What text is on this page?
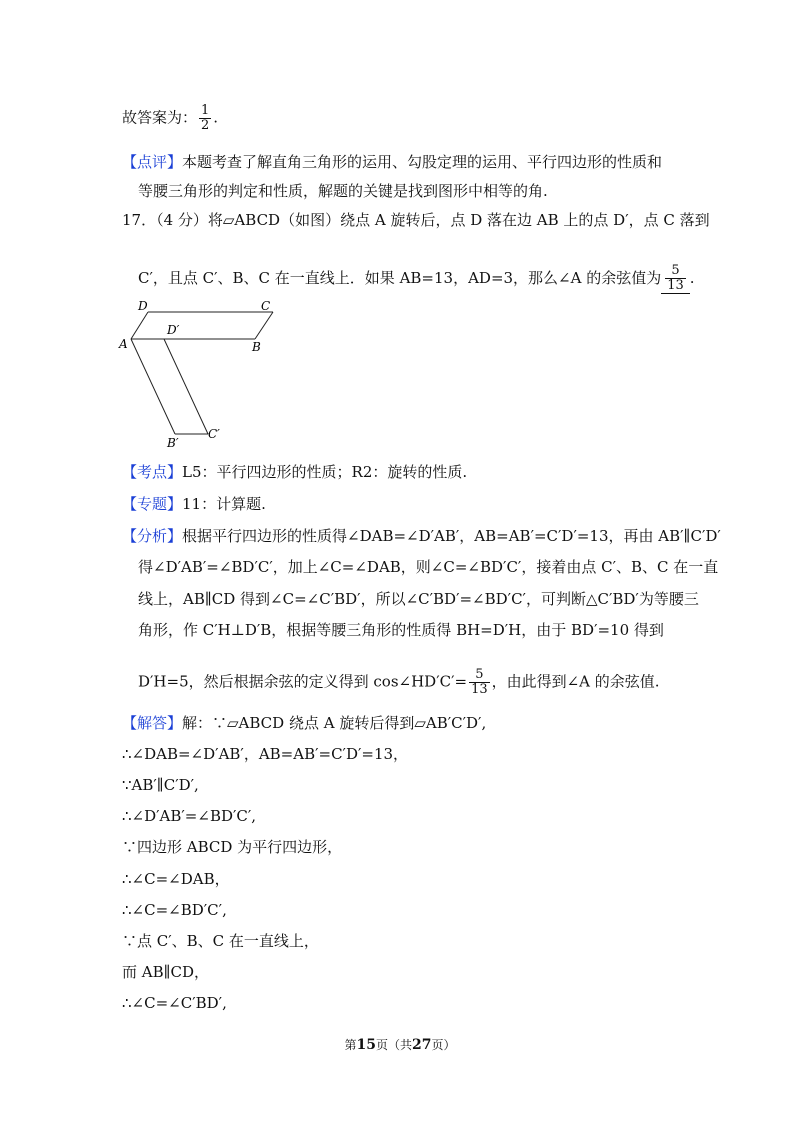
故答案为： $\frac{1}{2}$ .
【点评】本题考查了解直角三角形的运用、勾股定理的运用、平行四边形的性质和
等腰三角形的判定和性质，解题的关键是找到图形中相等的角.
17．（4 分）将▱ABCD（如图）绕点 A 旋转后，点 D 落在边 AB 上的点 D′，点 C 落到
C′，且点 C′、B、C 在一直线上．如果 AB=13，AD=3，那么∠A 的余弦值为 $\frac{5}{13}$ .
D	C
D′
A	B
B′
C′
【考点】L5：平行四边形的性质；R2：旋转的性质.
【专题】11：计算题.
【分析】根据平行四边形的性质得∠DAB=∠D′AB′，AB=AB′=C′D′=13，再由 AB′∥C′D′
得∠D′AB′=∠BD′C′，加上∠C=∠DAB，则∠C=∠BD′C′，接着由点 C′、B、C 在一直
线上，AB∥CD 得到∠C=∠C′BD′，所以∠C′BD′=∠BD′C′，可判断△C′BD′为等腰三
角形，作 C′H⊥D′B，根据等腰三角形的性质得 BH=D′H，由于 BD′=10 得到
D′H=5，然后根据余弦的定义得到 cos∠HD′C′= $\frac{5}{13}$ ，由此得到∠A 的余弦值.
【解答】解：∵▱ABCD 绕点 A 旋转后得到▱AB′C′D′,
∴∠DAB=∠D′AB′，AB=AB′=C′D′=13，
∵AB′∥C′D′,
∴∠D′AB′=∠BD′C′,
∵四边形 ABCD 为平行四边形，
∴∠C=∠DAB，
∴∠C=∠BD′C′,
∵点 C′、B、C 在一直线上，
而 AB∥CD，
∴∠C=∠C′BD′,
第15页（共27页）
